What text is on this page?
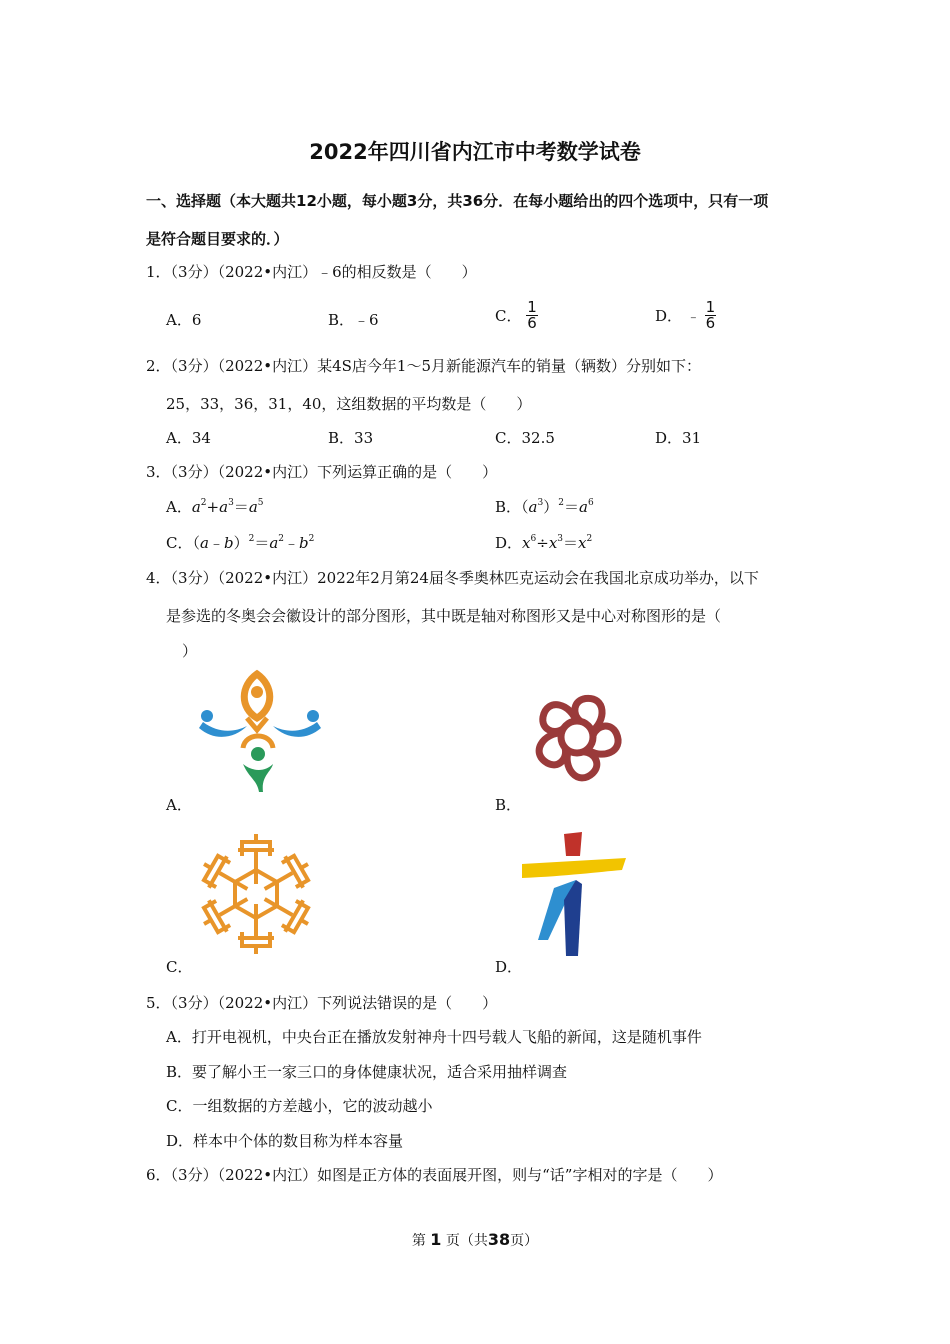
2022年四川省内江市中考数学试卷
一、选择题（本大题共12小题，每小题3分，共36分．在每小题给出的四个选项中，只有一项
是符合题目要求的．）
1．（3分）（2022•内江）﹣6的相反数是（　　）
A．6	B．﹣6	C． $\frac{1}{6}$	D． ﹣ $\frac{1}{6}$
2．（3分）（2022•内江）某4S店今年1～5月新能源汽车的销量（辆数）分别如下：
25，33，36，31，40，这组数据的平均数是（　　）
A．34	B．33	C．32.5	D．31
3．（3分）（2022•内江）下列运算正确的是（　　）
A．$a^2+a^3=a^5$	B．$(a^3)^2=a^6$
C．$(a﹣b)^2=a^2﹣b^2$	D．$x^6\div x^3=x^2$
4．（3分）（2022•内江）2022年2月第24届冬季奥林匹克运动会在我国北京成功举办，以下
是参选的冬奥会会徽设计的部分图形，其中既是轴对称图形又是中心对称图形的是（
）
A．	B．
C．	D．
5．（3分）（2022•内江）下列说法错误的是（　　）
A．打开电视机，中央台正在播放发射神舟十四号载人飞船的新闻，这是随机事件
B．要了解小王一家三口的身体健康状况，适合采用抽样调查
C．一组数据的方差越小，它的波动越小
D．样本中个体的数目称为样本容量
6．（3分）（2022•内江）如图是正方体的表面展开图，则与“话”字相对的字是（　　）
第 1 页（共38页）
